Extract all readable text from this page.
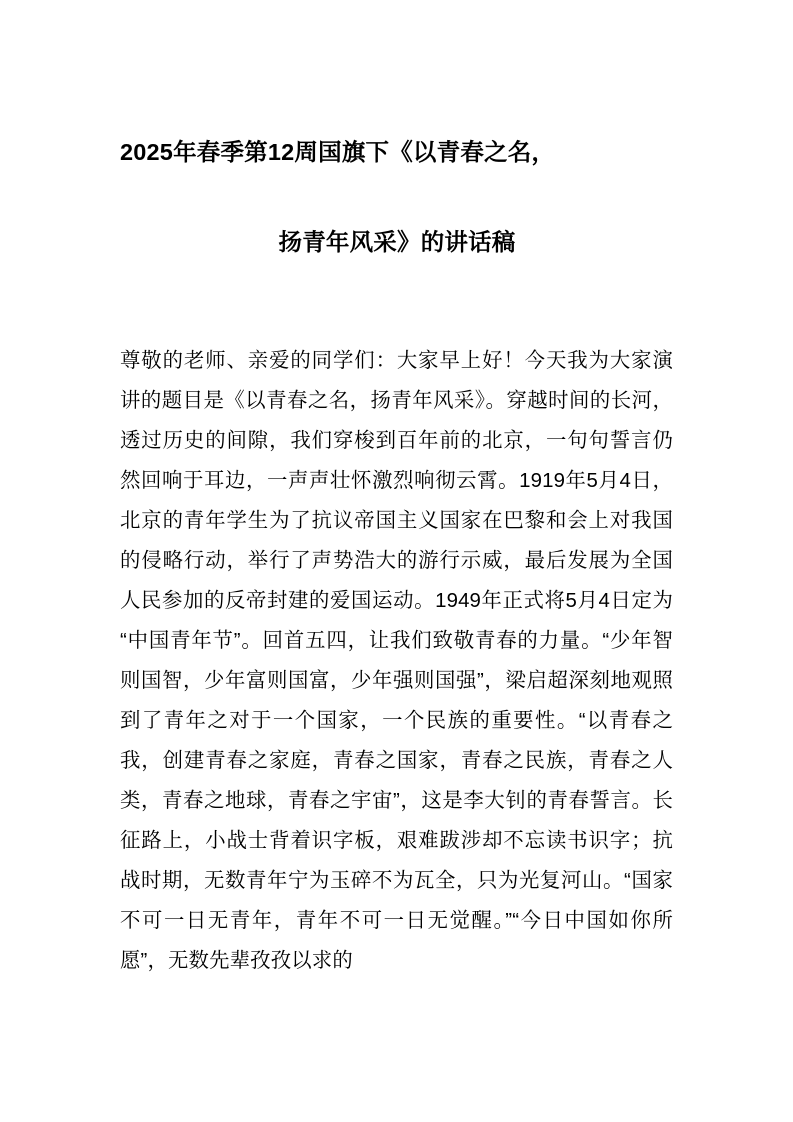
2025年春季第12周国旗下《以青春之名，
扬青年风采》的讲话稿

尊敬的老师、亲爱的同学们：大家早上好！今天我为大家演讲的题目是《以青春之名，扬青年风采》。穿越时间的长河，透过历史的间隙，我们穿梭到百年前的北京，一句句誓言仍然回响于耳边，一声声壮怀激烈响彻云霄。1919年5月4日，北京的青年学生为了抗议帝国主义国家在巴黎和会上对我国的侵略行动，举行了声势浩大的游行示威，最后发展为全国人民参加的反帝封建的爱国运动。1949年正式将5月4日定为“中国青年节”。回首五四，让我们致敬青春的力量。“少年智则国智，少年富则国富，少年强则国强”，梁启超深刻地观照到了青年之对于一个国家，一个民族的重要性。“以青春之我，创建青春之家庭，青春之国家，青春之民族，青春之人类，青春之地球，青春之宇宙”，这是李大钊的青春誓言。长征路上，小战士背着识字板，艰难跋涉却不忘读书识字；抗战时期，无数青年宁为玉碎不为瓦全，只为光复河山。“国家不可一日无青年，青年不可一日无觉醒。”“今日中国如你所愿”，无数先辈孜孜以求的
